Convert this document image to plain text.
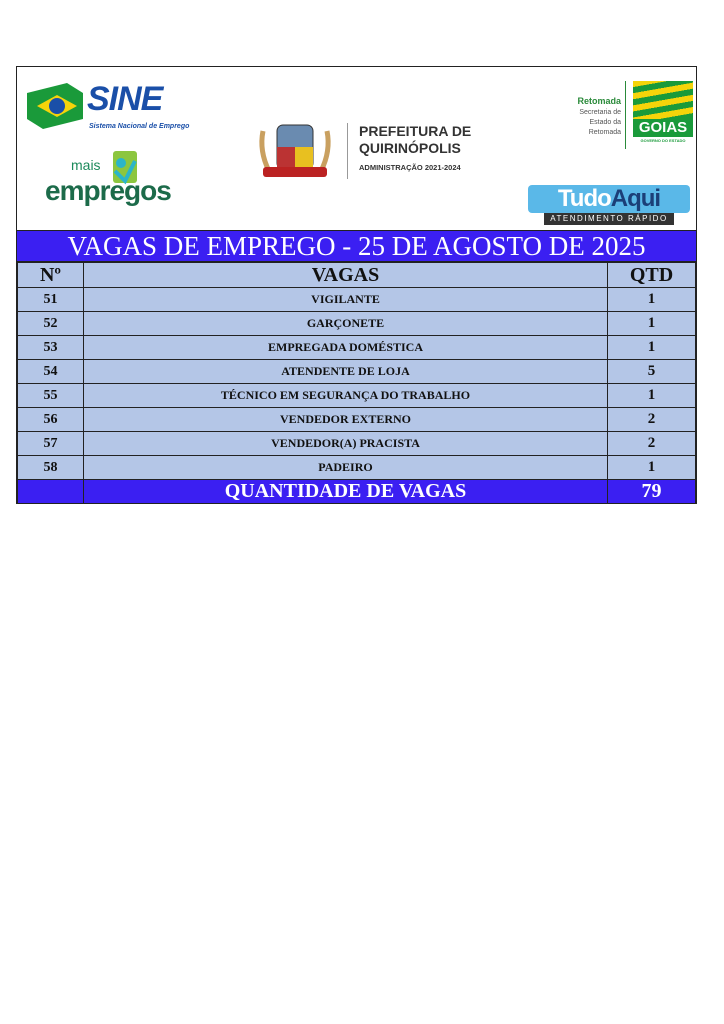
SINE
Sistema Nacional de Emprego
mais
empregos
PREFEITURA DE
QUIRINÓPOLIS
ADMINISTRAÇÃO 2021-2024
Retomada
Secretaria de
Estado da
Retomada	GOIAS
GOVERNO DO ESTADO
TudoAqui
ATENDIMENTO RÁPIDO
VAGAS DE EMPREGO - 25 DE AGOSTO DE 2025
Nº	VAGAS	QTD
51	VIGILANTE	1
52	GARÇONETE	1
53	EMPREGADA DOMÉSTICA	1
54	ATENDENTE DE LOJA	5
55	TÉCNICO EM SEGURANÇA DO TRABALHO	1
56	VENDEDOR EXTERNO	2
57	VENDEDOR(A) PRACISTA	2
58	PADEIRO	1
	QUANTIDADE DE VAGAS	79
